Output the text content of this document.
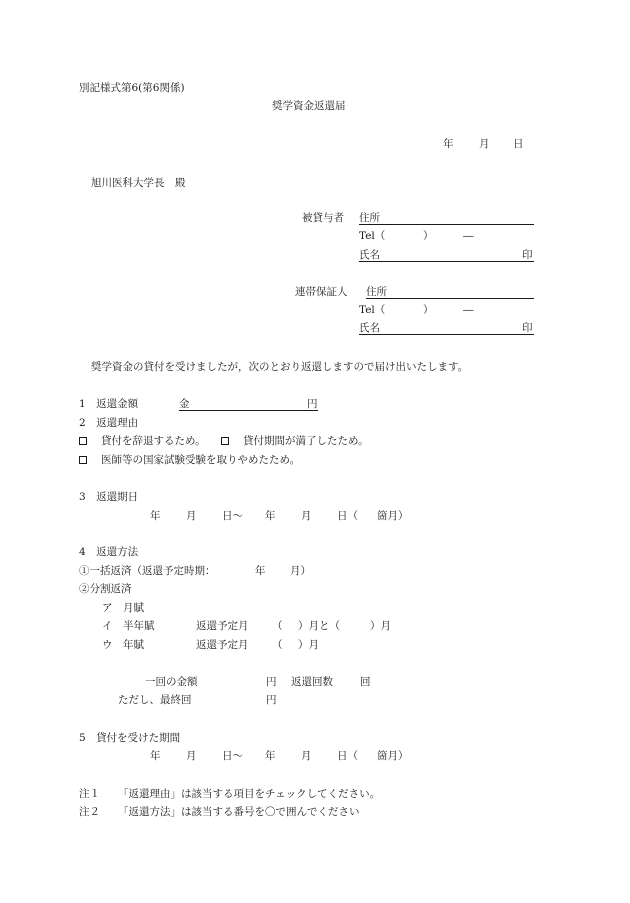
別記様式第6(第6関係)
奨学資金返還届
年 月 日
旭川医科大学長　殿
被貸与者 住所
Tel（	）	―
氏名	印
連帯保証人 住所
Tel（	）	―
氏名	印
奨学資金の貸付を受けましたが，次のとおり返還しますので届け出いたします。
1　返還金額	金	円
2　返還理由
貸付を辞退するため。	貸付期間が満了したため。
医師等の国家試験受験を取りやめたため。
3　返還期日
年 月 日〜 年 月 日（ 箇月）
4　返還方法
①一括返済（返還予定時期：	年 月）
②分割返済
ア　月賦
イ　半年賦	返還予定月 （ ）月と（	）月
ウ　年賦	返還予定月 （ ）月
一回の金額	円 返還回数	回
ただし、最終回	円
5　貸付を受けた期間
年 月 日〜 年 月 日（ 箇月）
注１ 「返還理由」は該当する項目をチェックしてください。
注２ 「返還方法」は該当する番号を〇で囲んでください
